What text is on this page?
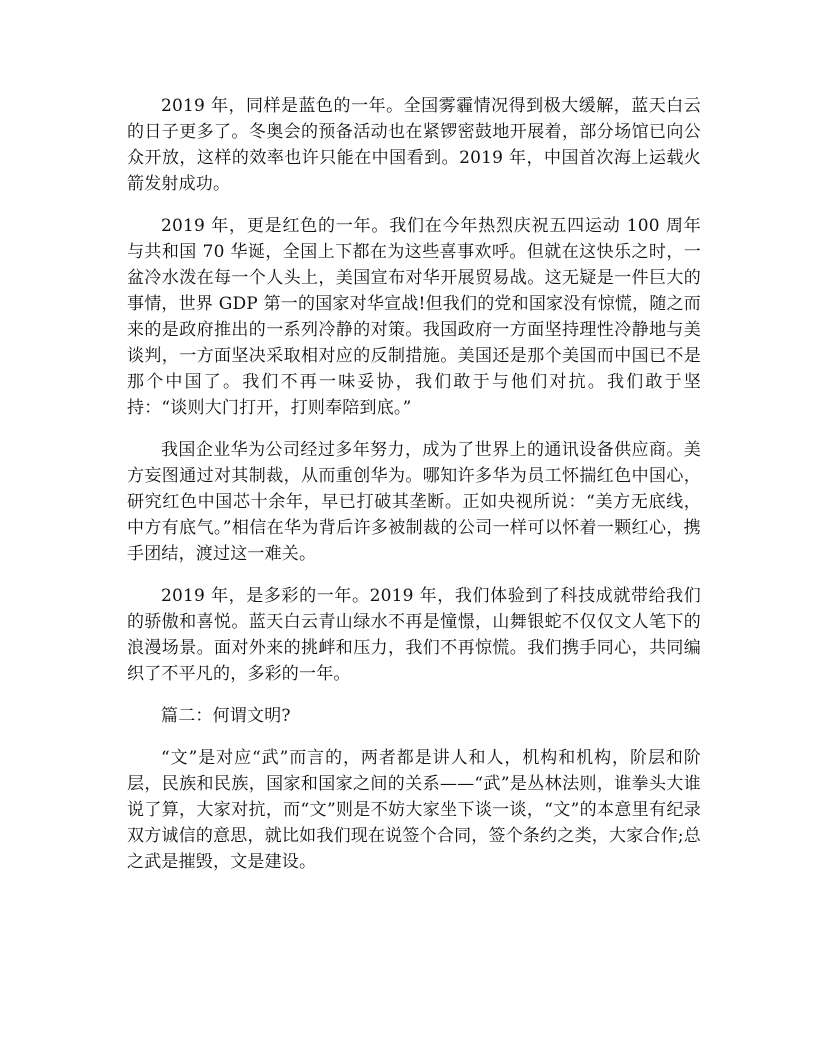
2019 年，同样是蓝色的一年。全国雾霾情况得到极大缓解，蓝天白云的日子更多了。冬奥会的预备活动也在紧锣密鼓地开展着，部分场馆已向公众开放，这样的效率也许只能在中国看到。2019 年，中国首次海上运载火箭发射成功。

2019 年，更是红色的一年。我们在今年热烈庆祝五四运动 100 周年与共和国 70 华诞，全国上下都在为这些喜事欢呼。但就在这快乐之时，一盆冷水泼在每一个人头上，美国宣布对华开展贸易战。这无疑是一件巨大的事情，世界 GDP 第一的国家对华宣战!但我们的党和国家没有惊慌，随之而来的是政府推出的一系列冷静的对策。我国政府一方面坚持理性冷静地与美谈判，一方面坚决采取相对应的反制措施。美国还是那个美国而中国已不是那个中国了。我们不再一味妥协，我们敢于与他们对抗。我们敢于坚持：“谈则大门打开，打则奉陪到底。”

我国企业华为公司经过多年努力，成为了世界上的通讯设备供应商。美方妄图通过对其制裁，从而重创华为。哪知许多华为员工怀揣红色中国心，研究红色中国芯十余年，早已打破其垄断。正如央视所说：“美方无底线，中方有底气。”相信在华为背后许多被制裁的公司一样可以怀着一颗红心，携手团结，渡过这一难关。

2019 年，是多彩的一年。2019 年，我们体验到了科技成就带给我们的骄傲和喜悦。蓝天白云青山绿水不再是憧憬，山舞银蛇不仅仅文人笔下的浪漫场景。面对外来的挑衅和压力，我们不再惊慌。我们携手同心，共同编织了不平凡的，多彩的一年。

篇二：何谓文明?

“文”是对应“武”而言的，两者都是讲人和人，机构和机构，阶层和阶层，民族和民族，国家和国家之间的关系——“武”是丛林法则，谁拳头大谁说了算，大家对抗，而“文”则是不妨大家坐下谈一谈，“文”的本意里有纪录双方诚信的意思，就比如我们现在说签个合同，签个条约之类，大家合作;总之武是摧毁，文是建设。
